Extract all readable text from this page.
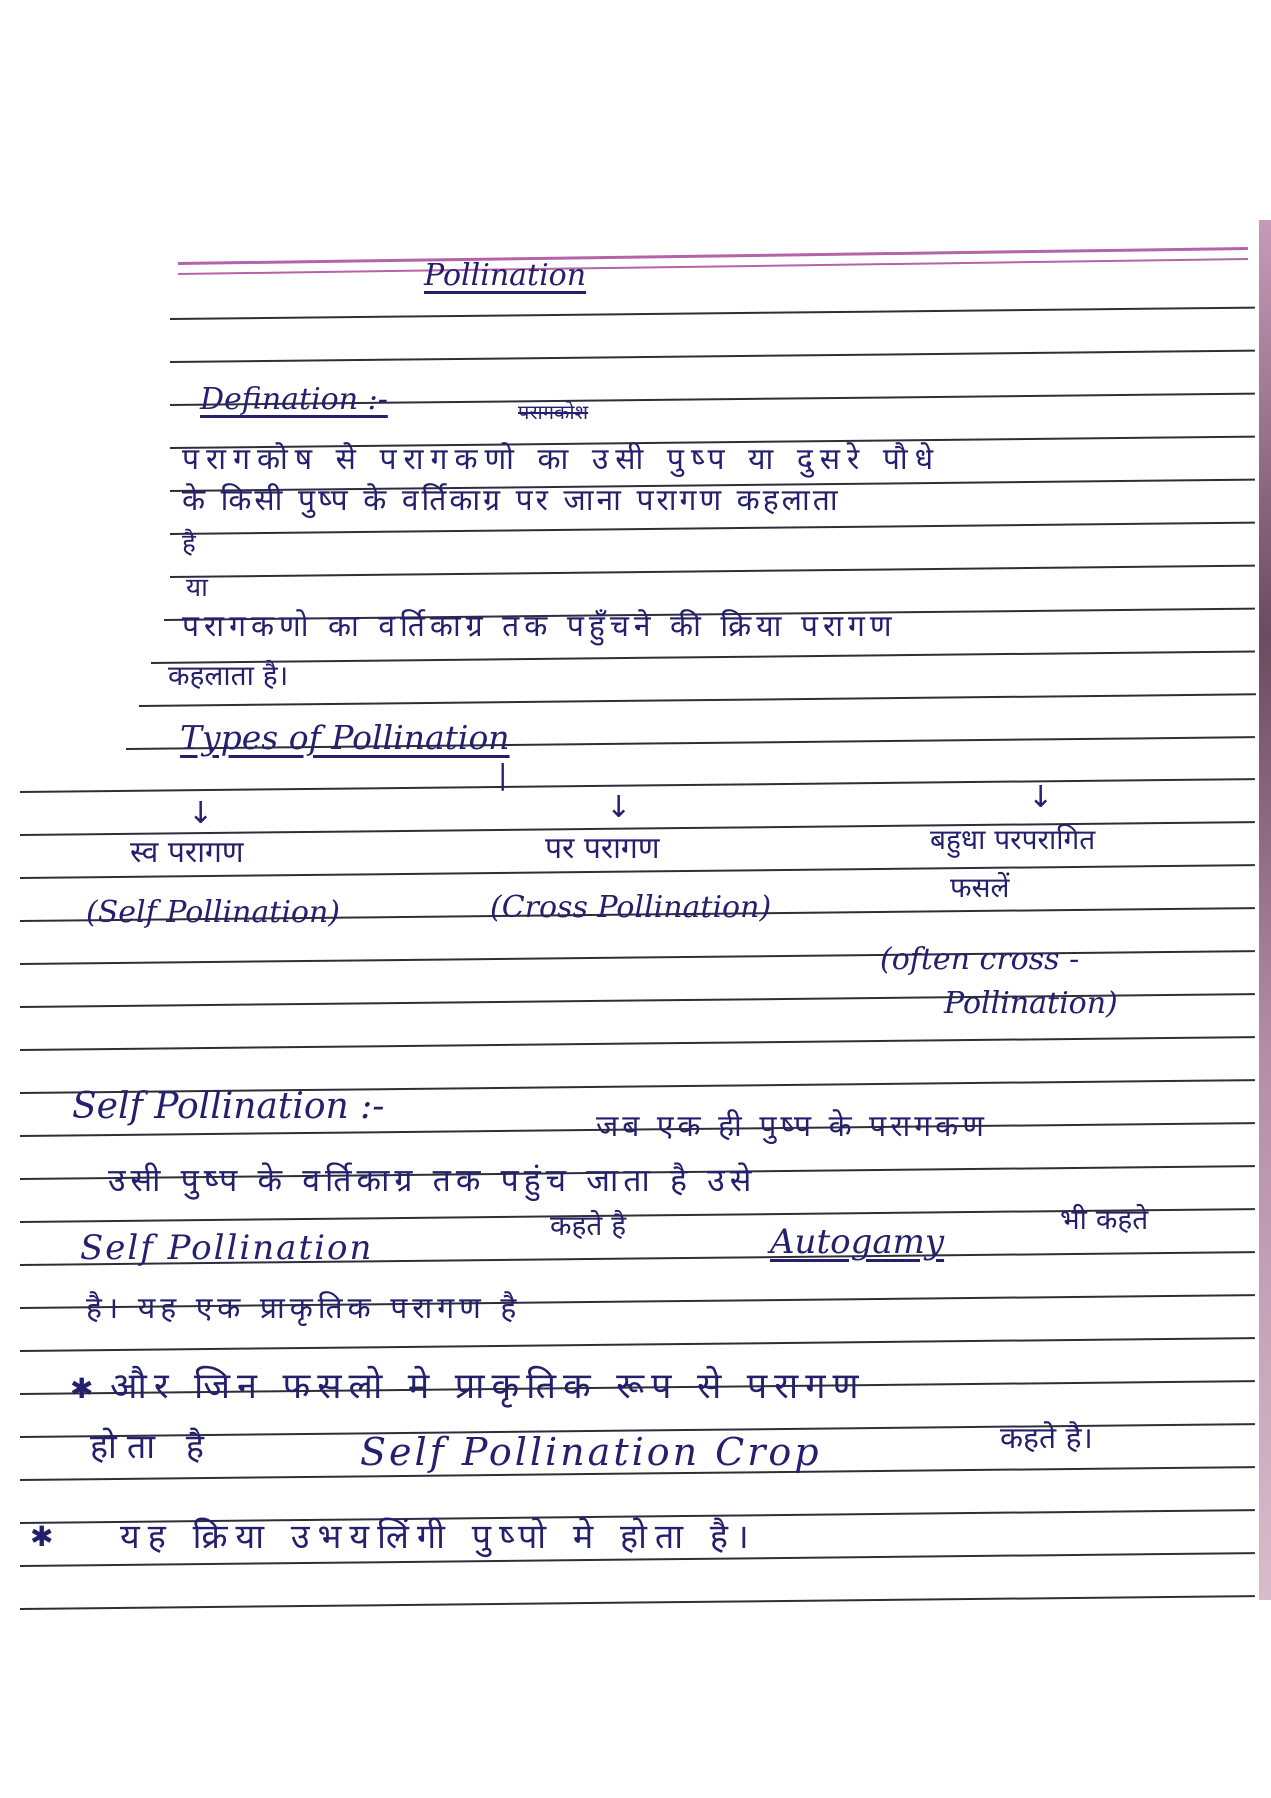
Pollination
Defination :-	परागकोश
परागकोष से परागकणो का उसी पुष्प या दुसरे पौधे
के किसी पुष्प के वर्तिकाग्र पर जाना परागण कहलाता
है
या
परागकणो का वर्तिकाग्र तक पहुँचने की क्रिया परागण
कहलाता है।
Types of Pollination
|
↓	↓	↓
स्व परागण	पर परागण	बहुधा परपरागित
फसलें
(Self Pollination)	(Cross Pollination)
(often cross -
Pollination)
Self Pollination :-	जब एक ही पुष्प के परागकण
उसी पुष्प के वर्तिकाग्र तक पहुंच जाता है उसे
Self Pollination
कहते है	Autogamy
भी कहते
है। यह एक प्राकृतिक परागण है
✱ और जिन फसलो मे प्राकृतिक रूप से परागण
होता है	Self Pollination Crop	कहते है।
✱ यह क्रिया उभयलिंगी पुष्पो मे होता है।
